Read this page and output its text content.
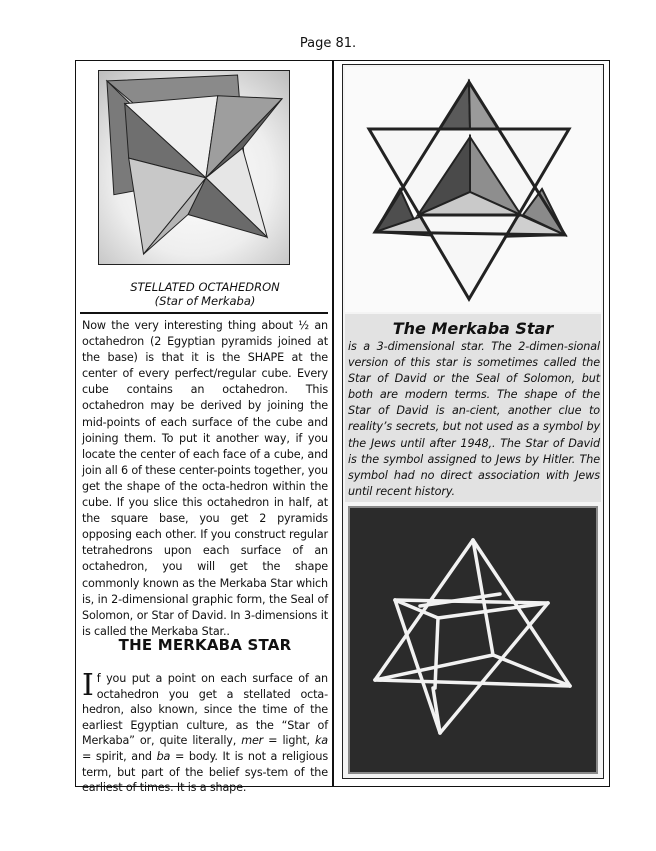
Page 81.
STELLATED OCTAHEDRON
(Star of Merkaba)
Now the very interesting thing about ½ an octahedron (2 Egyptian pyramids joined at the base) is that it is the SHAPE at the center of every perfect/regular cube. Every cube contains an octahedron. This octahedron may be derived by joining the mid-points of each surface of the cube and joining them. To put it another way, if you locate the center of each face of a cube, and join all 6 of these center-points together, you get the shape of the octa-hedron within the cube. If you slice this octahedron in half, at the square base, you get 2 pyramids opposing each other. If you construct regular tetrahedrons upon each surface of an octahedron, you will get the shape commonly known as the Merkaba Star which is, in 2-dimensional graphic form, the Seal of Solomon, or Star of David. In 3-dimensions it is called the Merkaba Star..
THE MERKABA STAR
If you put a point on each surface of an octahedron you get a stellated octa-hedron, also known, since the time of the earliest Egyptian culture, as the “Star of Merkaba” or, quite literally, mer = light, ka = spirit, and ba = body. It is not a religious term, but part of the belief sys-tem of the earliest of times. It is a shape.
The Merkaba Star
is a 3-dimensional star. The 2-dimen-sional version of this star is sometimes called the Star of David or the Seal of Solomon, but both are modern terms. The shape of the Star of David is an-cient, another clue to reality’s secrets, but not used as a symbol by the Jews until after 1948,. The Star of David is the symbol assigned to Jews by Hitler. The symbol had no direct association with Jews until recent history.
